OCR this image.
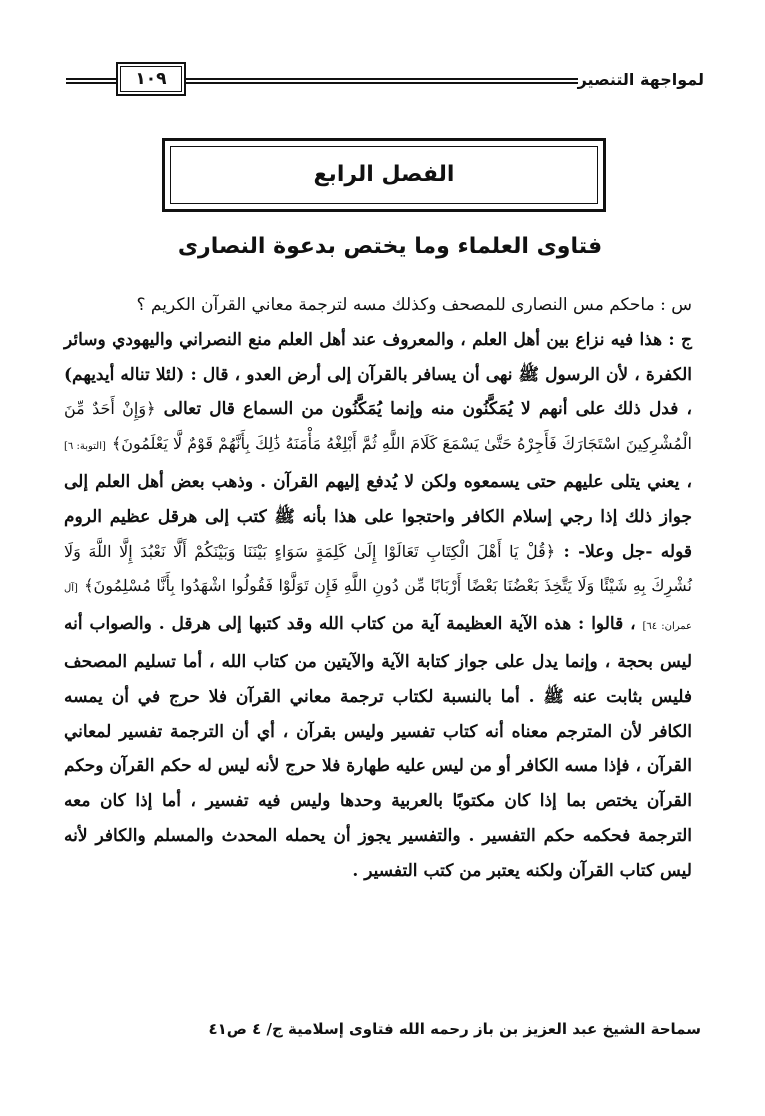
لمواجهة التنصير
١٠٩
الفصل الرابع
فتاوى العلماء وما يختص بدعوة النصارى

س : ماحكم مس النصارى للمصحف وكذلك مسه لترجمة معاني القرآن الكريم ؟

ج : هذا فيه نزاع بين أهل العلم ، والمعروف عند أهل العلم منع النصراني واليهودي وسائر الكفرة ، لأن الرسول ﷺ نهى أن يسافر بالقرآن إلى أرض العدو ، قال : (لئلا تناله أيديهم) ، فدل ذلك على أنهم لا يُمَكَّنُون منه وإنما يُمَكَّنُون من السماع قال تعالى ﴿وَإِنْ أَحَدٌ مِّنَ الْمُشْرِكِينَ اسْتَجَارَكَ فَأَجِرْهُ حَتَّىٰ يَسْمَعَ كَلَامَ اللَّهِ ثُمَّ أَبْلِغْهُ مَأْمَنَهُ ذَٰلِكَ بِأَنَّهُمْ قَوْمٌ لَّا يَعْلَمُونَ﴾ [التوبة: ٦] ، يعني يتلى عليهم حتى يسمعوه ولكن لا يُدفع إليهم القرآن . وذهب بعض أهل العلم إلى جواز ذلك إذا رجي إسلام الكافر واحتجوا على هذا بأنه ﷺ كتب إلى هرقل عظيم الروم قوله -جل وعلا- : ﴿قُلْ يَا أَهْلَ الْكِتَابِ تَعَالَوْا إِلَىٰ كَلِمَةٍ سَوَاءٍ بَيْنَنَا وَبَيْنَكُمْ أَلَّا نَعْبُدَ إِلَّا اللَّهَ وَلَا نُشْرِكَ بِهِ شَيْئًا وَلَا يَتَّخِذَ بَعْضُنَا بَعْضًا أَرْبَابًا مِّن دُونِ اللَّهِ فَإِن تَوَلَّوْا فَقُولُوا اشْهَدُوا بِأَنَّا مُسْلِمُونَ﴾ [آل عمران: ٦٤] ، قالوا : هذه الآية العظيمة آية من كتاب الله وقد كتبها إلى هرقل . والصواب أنه ليس بحجة ، وإنما يدل على جواز كتابة الآية والآيتين من كتاب الله ، أما تسليم المصحف فليس بثابت عنه ﷺ . أما بالنسبة لكتاب ترجمة معاني القرآن فلا حرج في أن يمسه الكافر لأن المترجم معناه أنه كتاب تفسير وليس بقرآن ، أي أن الترجمة تفسير لمعاني القرآن ، فإذا مسه الكافر أو من ليس عليه طهارة فلا حرج لأنه ليس له حكم القرآن وحكم القرآن يختص بما إذا كان مكتوبًا بالعربية وحدها وليس فيه تفسير ، أما إذا كان معه الترجمة فحكمه حكم التفسير . والتفسير يجوز أن يحمله المحدث والمسلم والكافر لأنه ليس كتاب القرآن ولكنه يعتبر من كتب التفسير .

سماحة الشيخ عبد العزيز بن باز رحمه الله فتاوى إسلامية ج/ ٤ ص٤١
